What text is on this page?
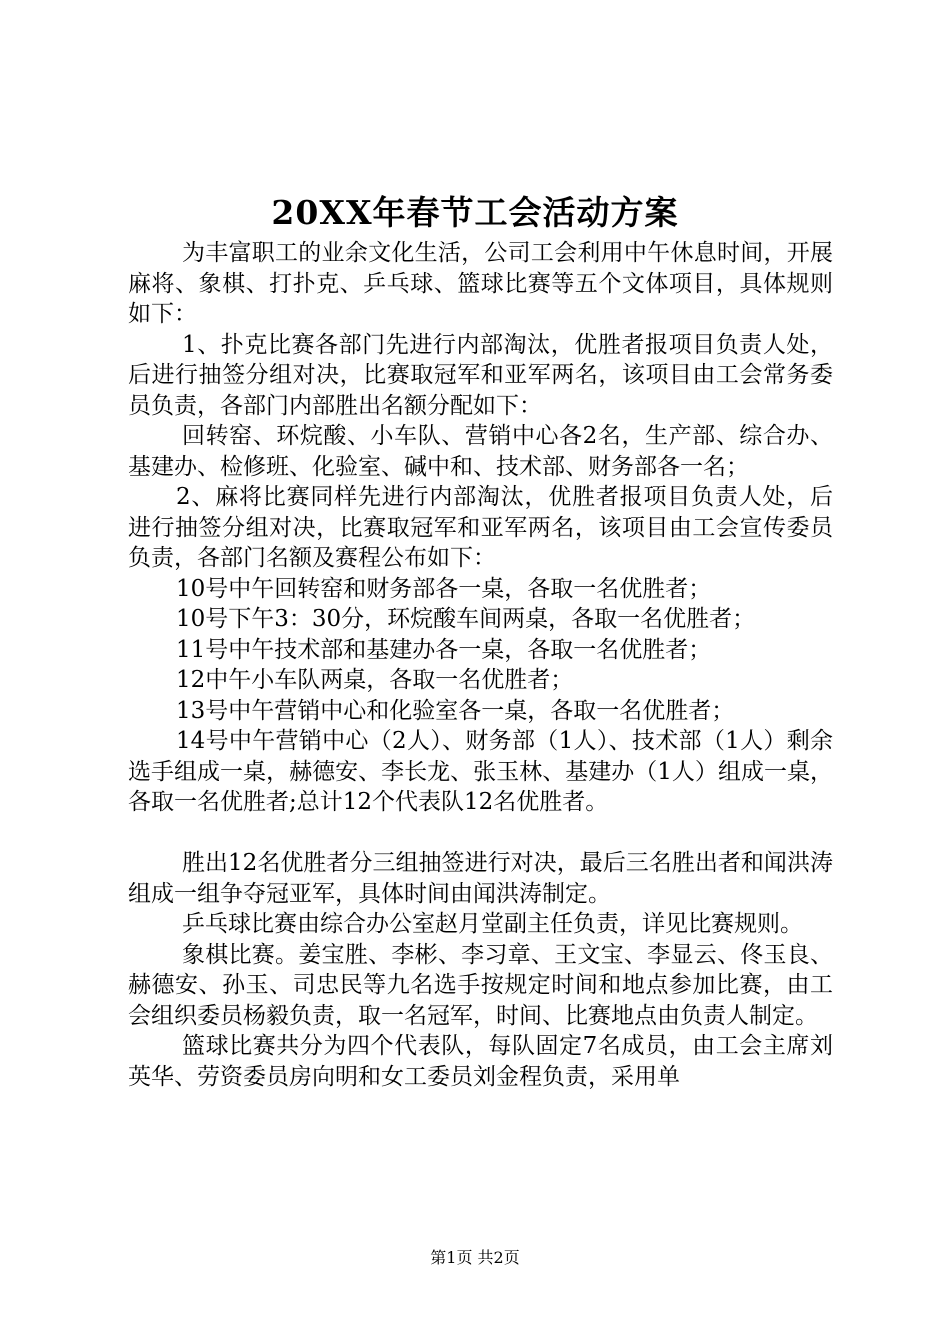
20XX年春节工会活动方案

为丰富职工的业余文化生活，公司工会利用中午休息时间，开展麻将、象棋、打扑克、乒乓球、篮球比赛等五个文体项目，具体规则如下：

1、扑克比赛各部门先进行内部淘汰，优胜者报项目负责人处，后进行抽签分组对决，比赛取冠军和亚军两名，该项目由工会常务委员负责，各部门内部胜出名额分配如下：

回转窑、环烷酸、小车队、营销中心各2名，生产部、综合办、基建办、检修班、化验室、碱中和、技术部、财务部各一名；

2、麻将比赛同样先进行内部淘汰，优胜者报项目负责人处，后进行抽签分组对决，比赛取冠军和亚军两名，该项目由工会宣传委员负责，各部门名额及赛程公布如下：

10号中午回转窑和财务部各一桌，各取一名优胜者；

10号下午3：30分，环烷酸车间两桌，各取一名优胜者；

11号中午技术部和基建办各一桌，各取一名优胜者；

12中午小车队两桌，各取一名优胜者；

13号中午营销中心和化验室各一桌，各取一名优胜者；

14号中午营销中心（2人）、财务部（1人）、技术部（1人）剩余选手组成一桌，赫德安、李长龙、张玉林、基建办（1人）组成一桌，各取一名优胜者;总计12个代表队12名优胜者。

胜出12名优胜者分三组抽签进行对决，最后三名胜出者和闻洪涛组成一组争夺冠亚军，具体时间由闻洪涛制定。

乒乓球比赛由综合办公室赵月堂副主任负责，详见比赛规则。

象棋比赛。姜宝胜、李彬、李习章、王文宝、李显云、佟玉良、赫德安、孙玉、司忠民等九名选手按规定时间和地点参加比赛，由工会组织委员杨毅负责，取一名冠军，时间、比赛地点由负责人制定。

篮球比赛共分为四个代表队，每队固定7名成员，由工会主席刘英华、劳资委员房向明和女工委员刘金程负责，采用单

第1页 共2页
